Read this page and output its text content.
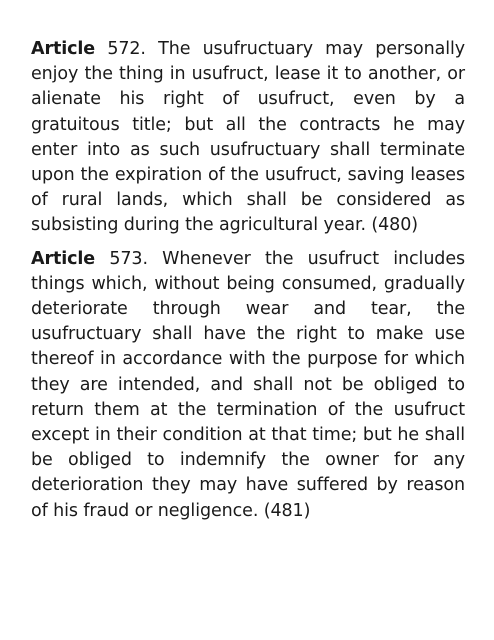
Article 572. The usufructuary may personally enjoy the thing in usufruct, lease it to another, or alienate his right of usufruct, even by a gratuitous title; but all the contracts he may enter into as such usufructuary shall terminate upon the expiration of the usufruct, saving leases of rural lands, which shall be considered as subsisting during the agricultural year. (480)

Article 573. Whenever the usufruct includes things which, without being consumed, gradually deteriorate through wear and tear, the usufructuary shall have the right to make use thereof in accordance with the purpose for which they are intended, and shall not be obliged to return them at the termination of the usufruct except in their condition at that time; but he shall be obliged to indemnify the owner for any deterioration they may have suffered by reason of his fraud or negligence. (481)
